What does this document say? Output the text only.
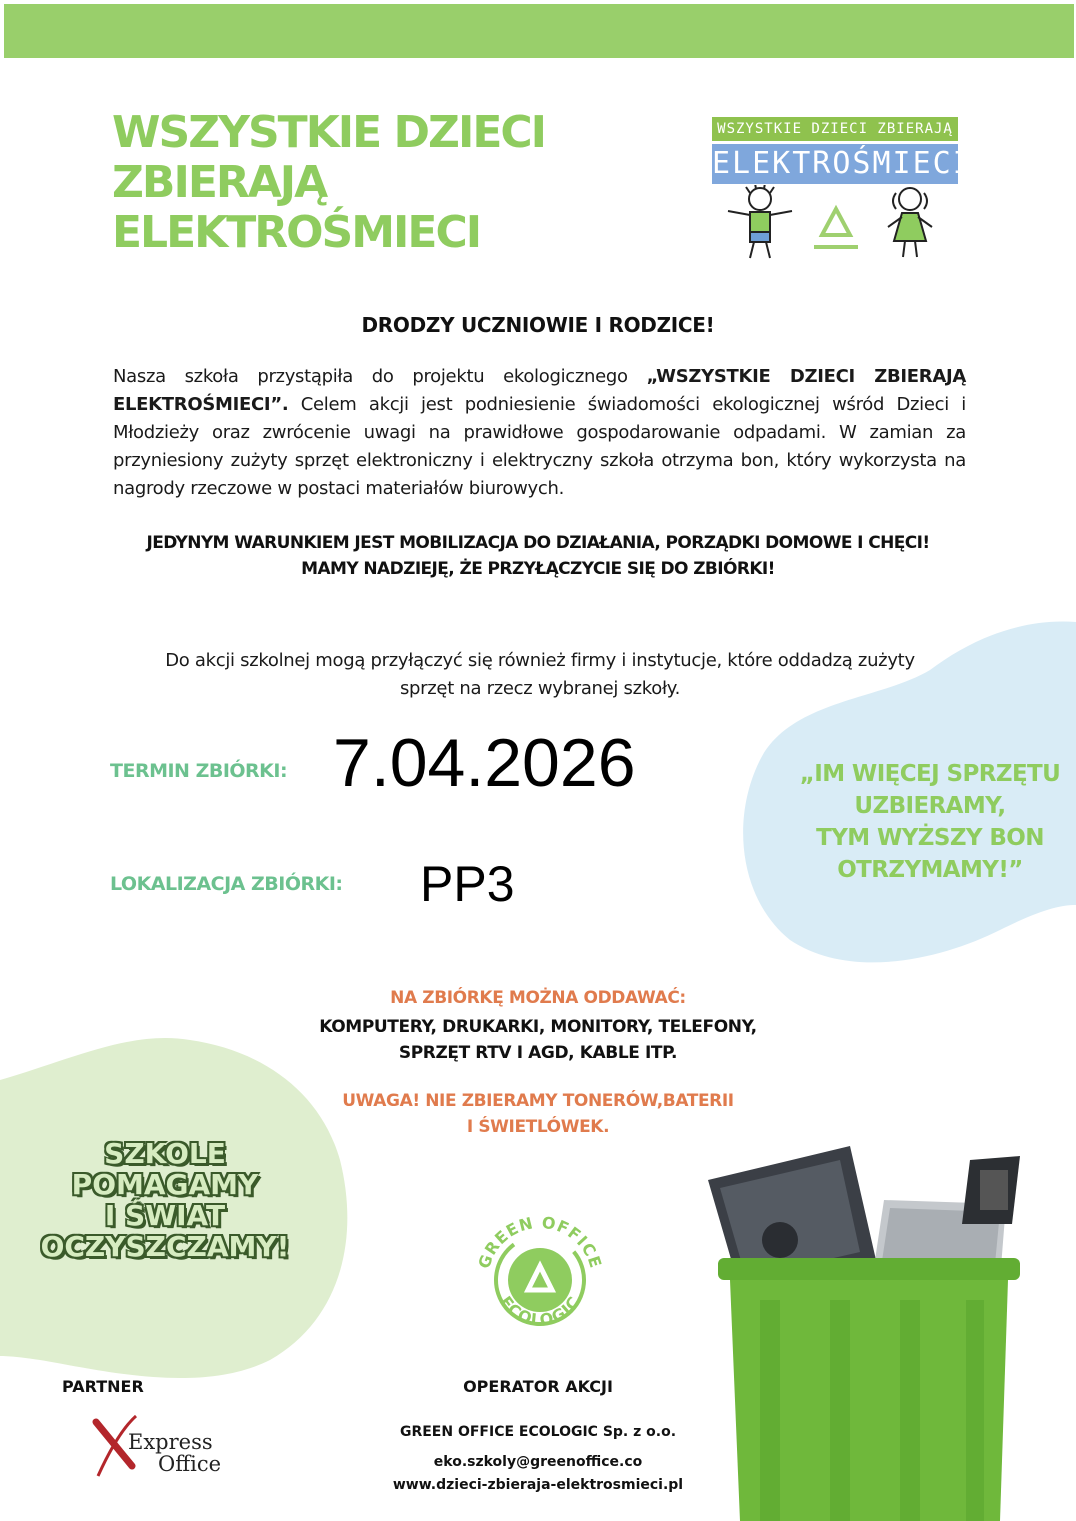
WSZYSTKIE DZIECI
ZBIERAJĄ
ELEKTROŚMIECI
WSZYSTKIE DZIECI ZBIERAJĄ
ELEKTROŚMIECI
DRODZY UCZNIOWIE I RODZICE!

Nasza szkoła przystąpiła do projektu ekologicznego „WSZYSTKIE DZIECI ZBIERAJĄ ELEKTROŚMIECI”. Celem akcji jest podniesienie świadomości ekologicznej wśród Dzieci i Młodzieży oraz zwrócenie uwagi na prawidłowe gospodarowanie odpadami. W zamian za przyniesiony zużyty sprzęt elektroniczny i elektryczny szkoła otrzyma bon, który wykorzysta na nagrody rzeczowe w postaci materiałów biurowych.

JEDYNYM WARUNKIEM JEST MOBILIZACJA DO DZIAŁANIA, PORZĄDKI DOMOWE I CHĘCI!
MAMY NADZIEJĘ, ŻE PRZYŁĄCZYCIE SIĘ DO ZBIÓRKI!
Do akcji szkolnej mogą przyłączyć się również firmy i instytucje, które oddadzą zużyty
sprzęt na rzecz wybranej szkoły.
TERMIN ZBIÓRKI: 7.04.2026
LOKALIZACJA ZBIÓRKI: PP3
„IM WIĘCEJ SPRZĘTU
UZBIERAMY,
TYM WYŻSZY BON
OTRZYMAMY!”
NA ZBIÓRKĘ MOŻNA ODDAWAĆ:
KOMPUTERY, DRUKARKI, MONITORY, TELEFONY,
SPRZĘT RTV I AGD, KABLE ITP.
UWAGA! NIE ZBIERAMY TONERÓW,BATERII
I ŚWIETLÓWEK.
SZKOLE
POMAGAMY
I ŚWIAT
OCZYSZCZAMY!	GREEN OFFICE
ECOLOGIC
PARTNER
Express
Office
OPERATOR AKCJI
GREEN OFFICE ECOLOGIC Sp. z o.o.
eko.szkoly@greenoffice.co
www.dzieci-zbieraja-elektrosmieci.pl
